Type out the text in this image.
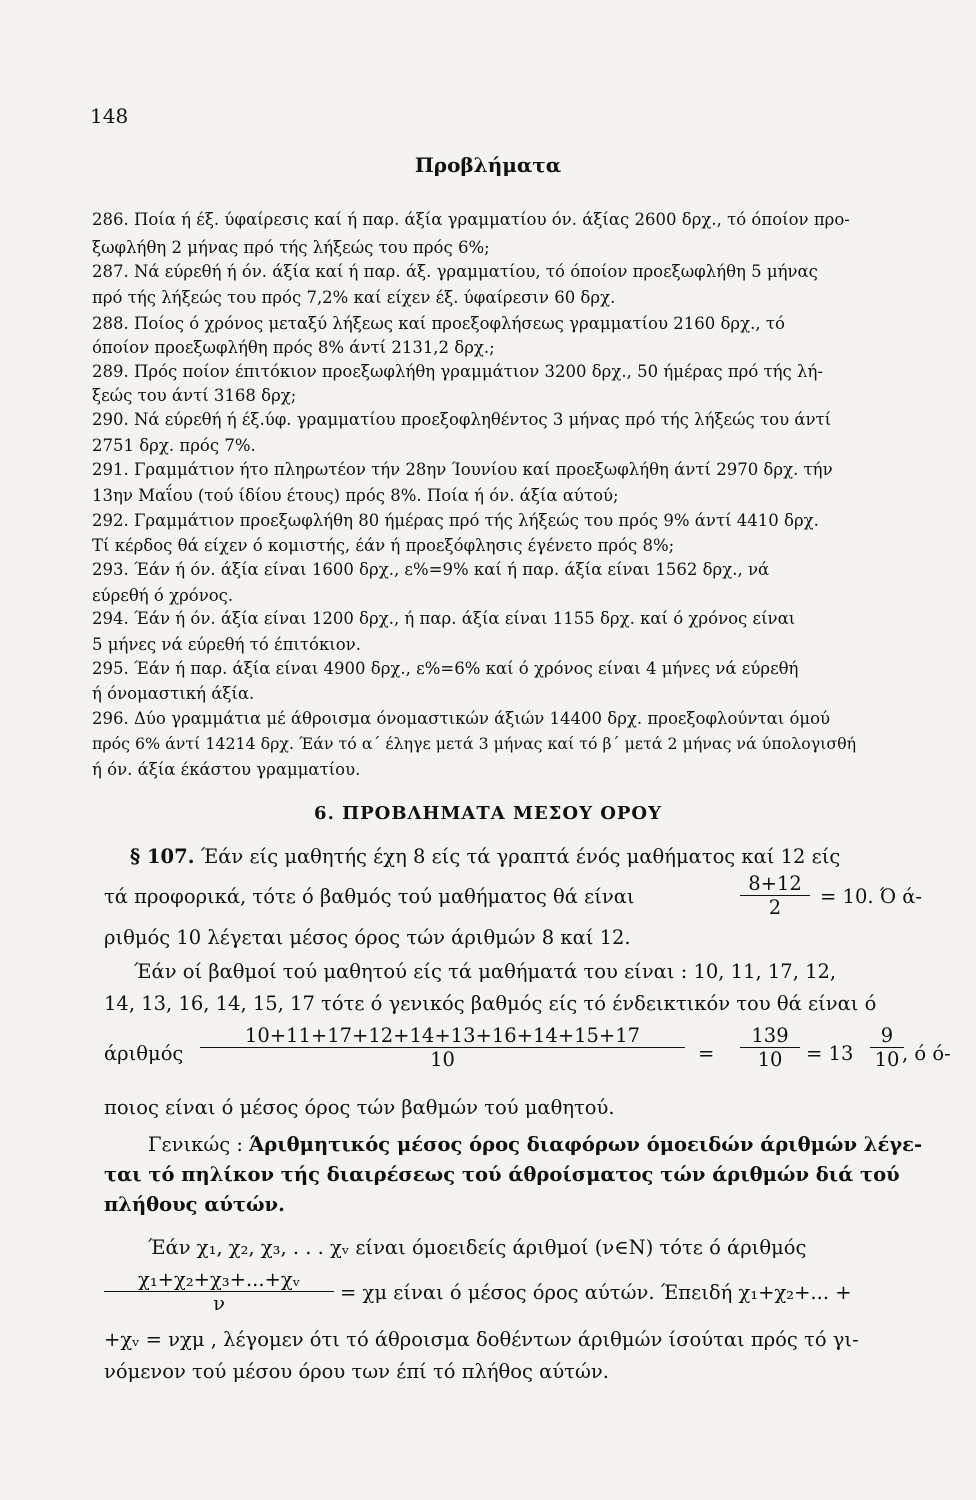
148
Προβλήματα
286. Ποία ή έξ. ύφαίρεσις καί ή παρ. άξία γραμματίου όν. άξίας 2600 δρχ., τό όποίον προ-
ξωφλήθη 2 μήνας πρό τής λήξεώς του πρός 6%;
287. Νά εύρεθή ή όν. άξία καί ή παρ. άξ. γραμματίου, τό όποίον προεξωφλήθη 5 μήνας
πρό τής λήξεώς του πρός 7,2% καί είχεν έξ. ύφαίρεσιν 60 δρχ.
288. Ποίος ό χρόνος μεταξύ λήξεως καί προεξοφλήσεως γραμματίου 2160 δρχ., τό
όποίον προεξωφλήθη πρός 8% άντί 2131,2 δρχ.;
289. Πρός ποίον έπιτόκιον προεξωφλήθη γραμμάτιον 3200 δρχ., 50 ήμέρας πρό τής λή-
ξεώς του άντί 3168 δρχ;
290. Νά εύρεθή ή έξ.ύφ. γραμματίου προεξοφληθέντος 3 μήνας πρό τής λήξεώς του άντί
2751 δρχ. πρός 7%.
291. Γραμμάτιον ήτο πληρωτέον τήν 28ην Ίουνίου καί προεξωφλήθη άντί 2970 δρχ. τήν
13ην Μαΐου (τού ίδίου έτους) πρός 8%. Ποία ή όν. άξία αύτού;
292. Γραμμάτιον προεξωφλήθη 80 ήμέρας πρό τής λήξεώς του πρός 9% άντί 4410 δρχ.
Τί κέρδος θά είχεν ό κομιστής, έάν ή προεξόφλησις έγένετο πρός 8%;
293. Έάν ή όν. άξία είναι 1600 δρχ., ε%=9% καί ή παρ. άξία είναι 1562 δρχ., νά
εύρεθή ό χρόνος.
294. Έάν ή όν. άξία είναι 1200 δρχ., ή παρ. άξία είναι 1155 δρχ. καί ό χρόνος είναι
5 μήνες νά εύρεθή τό έπιτόκιον.
295. Έάν ή παρ. άξία είναι 4900 δρχ., ε%=6% καί ό χρόνος είναι 4 μήνες νά εύρεθή
ή όνομαστική άξία.
296. Δύο γραμμάτια μέ άθροισμα όνομαστικών άξιών 14400 δρχ. προεξοφλούνται όμού
πρός 6% άντί 14214 δρχ. Έάν τό α΄ έληγε μετά 3 μήνας καί τό β΄ μετά 2 μήνας νά ύπολογισθή
ή όν. άξία έκάστου γραμματίου.
6. ΠΡΟΒΛΗΜΑΤΑ ΜΕΣΟΥ ΟΡΟΥ
§ 107. Έάν είς μαθητής έχη 8 είς τά γραπτά ένός μαθήματος καί 12 είς
τά προφορικά, τότε ό βαθμός τού μαθήματος θά είναι	$\frac{8+12}{2} = 10$. Ό ά-
ριθμός 10 λέγεται μέσος όρος τών άριθμών 8 καί 12.
Έάν οί βαθμοί τού μαθητού είς τά μαθήματά του είναι : 10, 11, 17, 12,
14, 13, 16, 14, 15, 17 τότε ό γενικός βαθμός είς τό ένδεικτικόν του θά είναι ό
άριθμός $\frac{10+11+17+12+14+13+16+14+15+17}{10} = \frac{139}{10} = 13 \frac{9}{10}$
, ό ό-
ποιος είναι ό μέσος όρος τών βαθμών τού μαθητού.
Γενικώς : Άριθμητικός μέσος όρος διαφόρων όμοειδών άριθμών λέγε-
ται τό πηλίκον τής διαιρέσεως τού άθροίσματος τών άριθμών διά τού
πλήθους αύτών.
Έάν χ₁, χ₂, χ₃, . . . χᵥ είναι όμοειδείς άριθμοί (ν∈N) τότε ό άριθμός
$\frac{\text{χ₁+χ₂+χ₃+...+χᵥ}}{\nu} = \chi\mu$ είναι ό μέσος όρος αύτών. Έπειδή χ₁+χ₂+... +
+χᵥ = νχμ , λέγομεν ότι τό άθροισμα δοθέντων άριθμών ίσούται πρός τό γι-
νόμενον τού μέσου όρου των έπί τό πλήθος αύτών.
